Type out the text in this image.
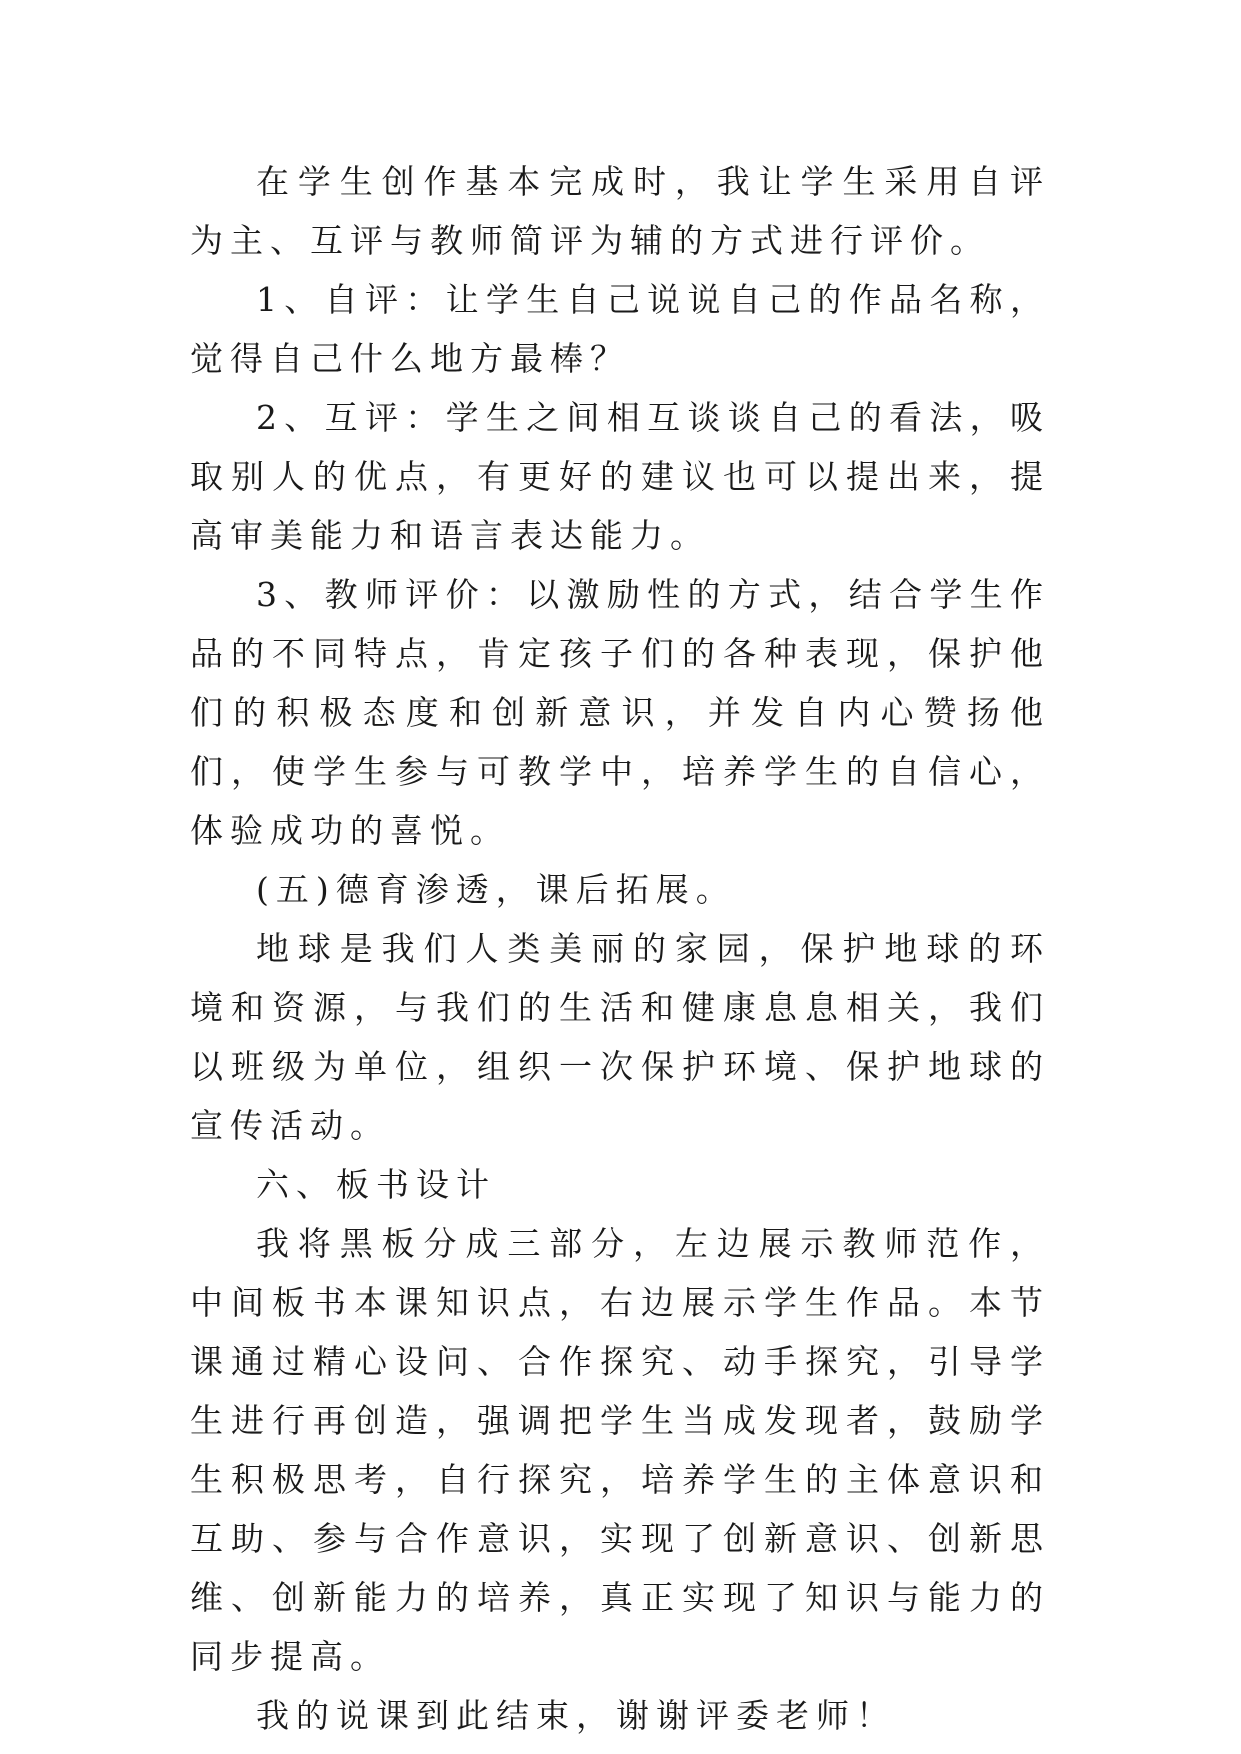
在学生创作基本完成时，我让学生采用自评为主、互评与教师简评为辅的方式进行评价。

1、自评：让学生自己说说自己的作品名称，觉得自己什么地方最棒？

2、互评：学生之间相互谈谈自己的看法，吸取别人的优点，有更好的建议也可以提出来，提高审美能力和语言表达能力。

3、教师评价：以激励性的方式，结合学生作品的不同特点，肯定孩子们的各种表现，保护他们的积极态度和创新意识，并发自内心赞扬他们，使学生参与可教学中，培养学生的自信心，体验成功的喜悦。

(五)德育渗透，课后拓展。

地球是我们人类美丽的家园，保护地球的环境和资源，与我们的生活和健康息息相关，我们以班级为单位，组织一次保护环境、保护地球的宣传活动。

六、板书设计

我将黑板分成三部分，左边展示教师范作，中间板书本课知识点，右边展示学生作品。本节课通过精心设问、合作探究、动手探究，引导学生进行再创造，强调把学生当成发现者，鼓励学生积极思考，自行探究，培养学生的主体意识和互助、参与合作意识，实现了创新意识、创新思维、创新能力的培养，真正实现了知识与能力的同步提高。

我的说课到此结束，谢谢评委老师！
